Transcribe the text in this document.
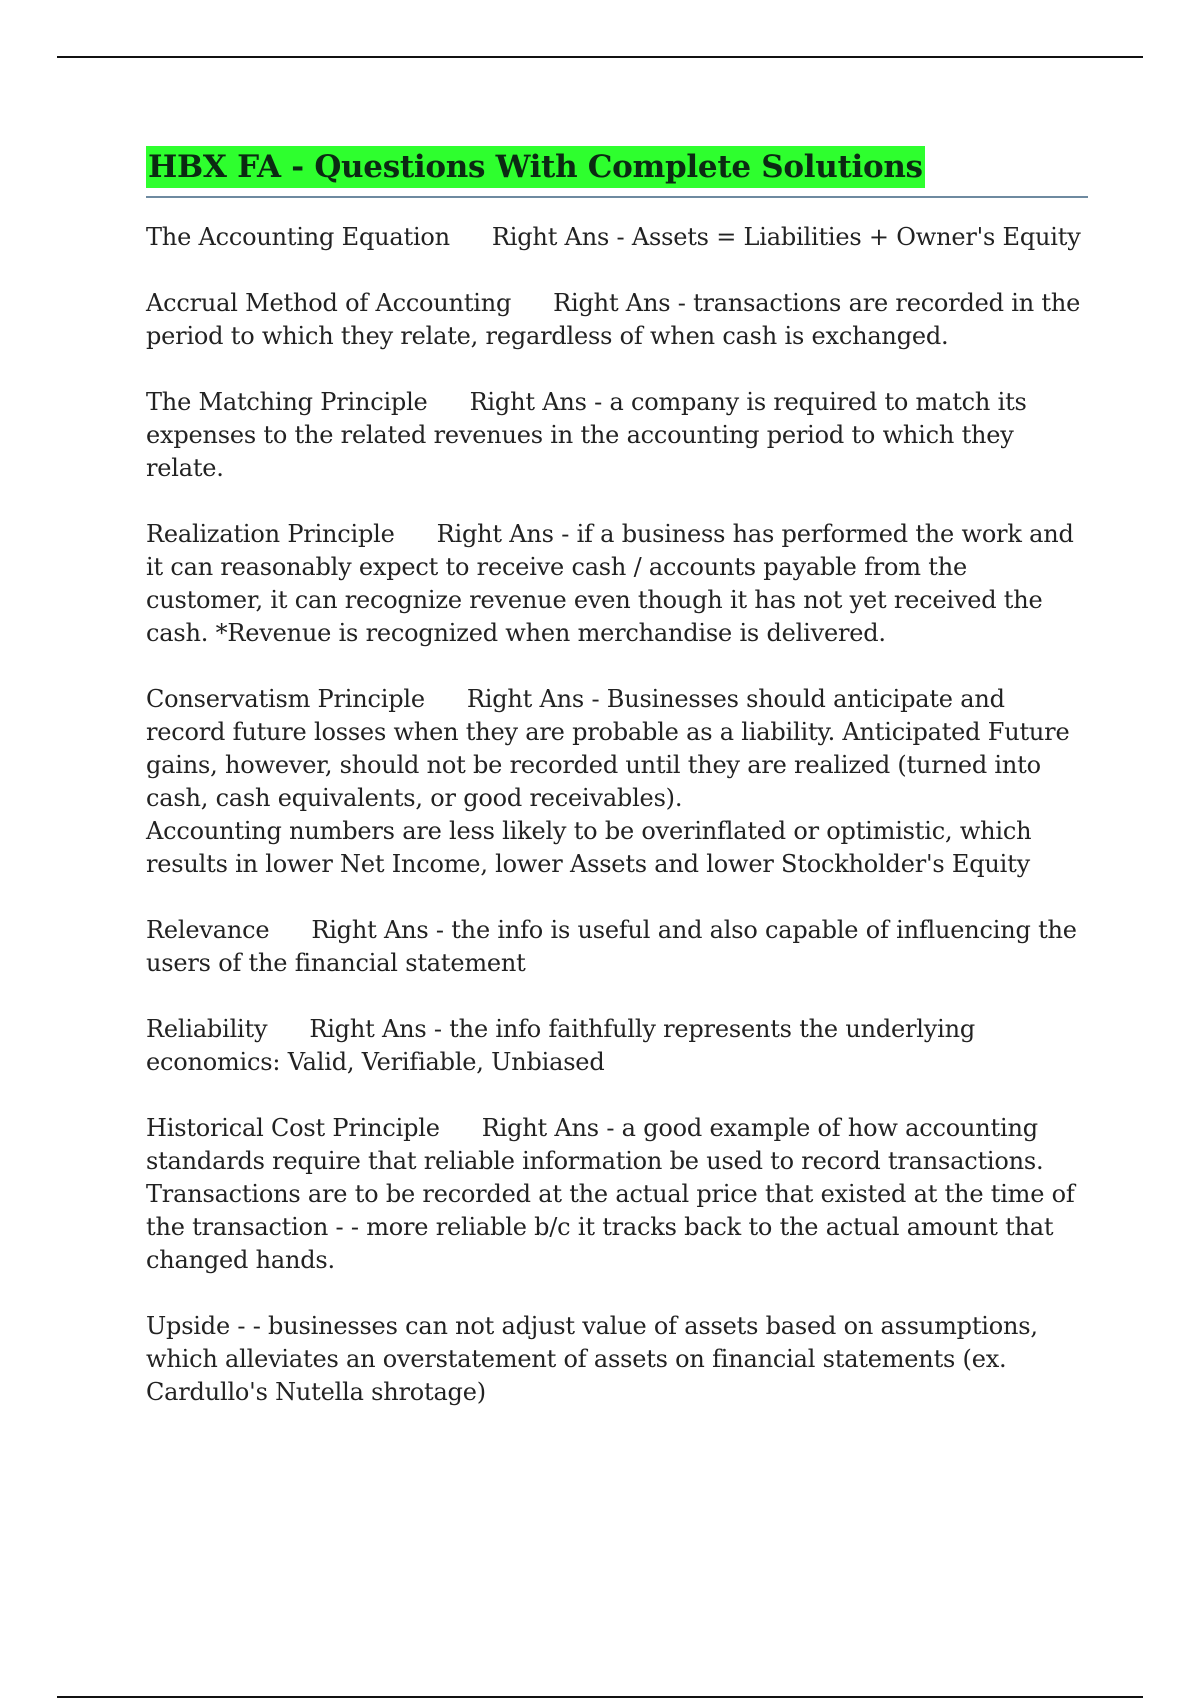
HBX FA - Questions With Complete Solutions

The Accounting Equation Right Ans - Assets = Liabilities + Owner's Equity

Accrual Method of Accounting Right Ans - transactions are recorded in the period to which they relate, regardless of when cash is exchanged.

The Matching Principle Right Ans - a company is required to match its expenses to the related revenues in the accounting period to which they relate.

Realization Principle Right Ans - if a business has performed the work and it can reasonably expect to receive cash / accounts payable from the customer, it can recognize revenue even though it has not yet received the cash. *Revenue is recognized when merchandise is delivered.

Conservatism Principle Right Ans - Businesses should anticipate and record future losses when they are probable as a liability. Anticipated Future gains, however, should not be recorded until they are realized (turned into cash, cash equivalents, or good receivables).

Accounting numbers are less likely to be overinflated or optimistic, which results in lower Net Income, lower Assets and lower Stockholder's Equity

Relevance Right Ans - the info is useful and also capable of influencing the users of the financial statement

Reliability Right Ans - the info faithfully represents the underlying economics: Valid, Verifiable, Unbiased

Historical Cost Principle Right Ans - a good example of how accounting standards require that reliable information be used to record transactions. Transactions are to be recorded at the actual price that existed at the time of the transaction - - more reliable b/c it tracks back to the actual amount that changed hands.

Upside - - businesses can not adjust value of assets based on assumptions, which alleviates an overstatement of assets on financial statements (ex. Cardullo's Nutella shrotage)
